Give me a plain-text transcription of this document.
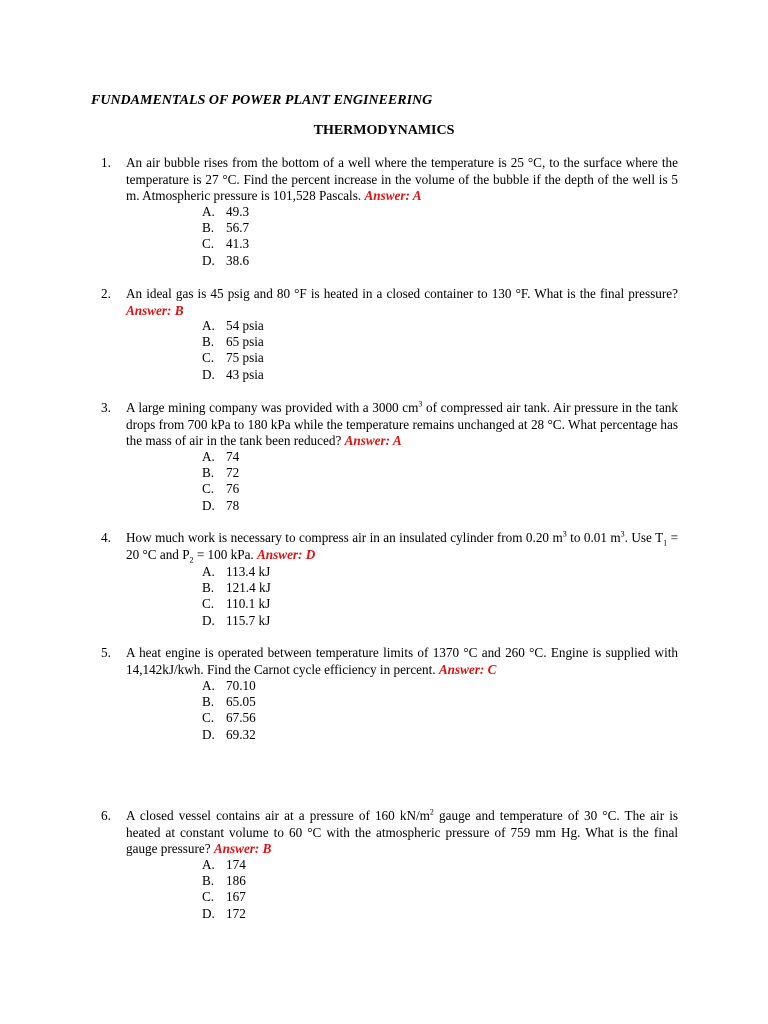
FUNDAMENTALS OF POWER PLANT ENGINEERING
THERMODYNAMICS
1. An air bubble rises from the bottom of a well where the temperature is 25 °C, to the surface where the temperature is 27 °C. Find the percent increase in the volume of the bubble if the depth of the well is 5 m. Atmospheric pressure is 101,528 Pascals. Answer: A
A. 49.3
B. 56.7
C. 41.3
D. 38.6
2. An ideal gas is 45 psig and 80 °F is heated in a closed container to 130 °F. What is the final pressure? Answer: B
A. 54 psia
B. 65 psia
C. 75 psia
D. 43 psia
3. A large mining company was provided with a 3000 $cm^3$ of compressed air tank. Air pressure in the tank drops from 700 kPa to 180 kPa while the temperature remains unchanged at 28 °C. What percentage has the mass of air in the tank been reduced? Answer: A
A. 74
B. 72
C. 76
D. 78
4. How much work is necessary to compress air in an insulated cylinder from 0.20 $m^3$ to 0.01 $m^3$. Use $T_1 = 20$ °C and $P_2 = 100$ kPa. Answer: D
A. 113.4 kJ
B. 121.4 kJ
C. 110.1 kJ
D. 115.7 kJ
5. A heat engine is operated between temperature limits of 1370 °C and 260 °C. Engine is supplied with 14,142kJ/kwh. Find the Carnot cycle efficiency in percent. Answer: C
A. 70.10
B. 65.05
C. 67.56
D. 69.32
6. A closed vessel contains air at a pressure of 160 $kN/m^2$ gauge and temperature of 30 °C. The air is heated at constant volume to 60 °C with the atmospheric pressure of 759 mm Hg. What is the final gauge pressure? Answer: B
A. 174
B. 186
C. 167
D. 172
